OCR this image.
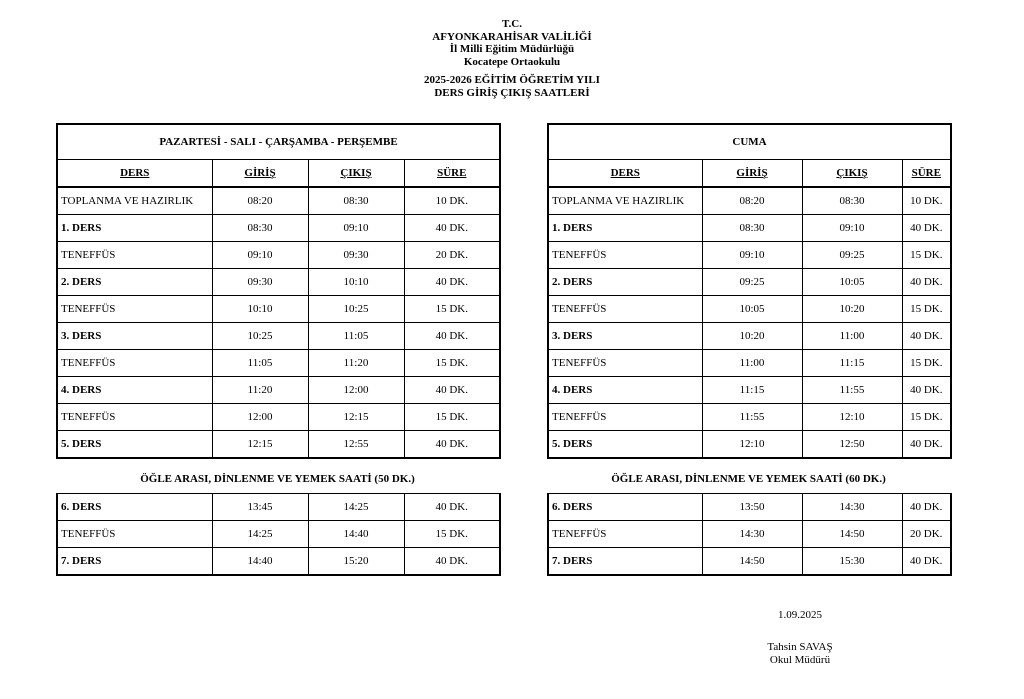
T.C.
AFYONKARAHİSAR VALİLİĞİ
İl Milli Eğitim Müdürlüğü
Kocatepe Ortaokulu
2025-2026 EĞİTİM ÖĞRETİM YILI
DERS GİRİŞ ÇIKIŞ SAATLERİ
PAZARTESİ - SALI - ÇARŞAMBA - PERŞEMBE			
DERS	GİRİŞ	ÇIKIŞ	SÜRE
TOPLANMA VE HAZIRLIK	08:20	08:30	10 DK.
1. DERS	08:30	09:10	40 DK.
TENEFFÜS	09:10	09:30	20 DK.
2. DERS	09:30	10:10	40 DK.
TENEFFÜS	10:10	10:25	15 DK.
3. DERS	10:25	11:05	40 DK.
TENEFFÜS	11:05	11:20	15 DK.
4. DERS	11:20	12:00	40 DK.
TENEFFÜS	12:00	12:15	15 DK.
5. DERS	12:15	12:55	40 DK.
ÖĞLE ARASI, DİNLENME VE YEMEK SAATİ (50 DK.)
6. DERS	13:45	14:25	40 DK.
TENEFFÜS	14:25	14:40	15 DK.
7. DERS	14:40	15:20	40 DK.
CUMA			
DERS	GİRİŞ	ÇIKIŞ	SÜRE
TOPLANMA VE HAZIRLIK	08:20	08:30	10 DK.
1. DERS	08:30	09:10	40 DK.
TENEFFÜS	09:10	09:25	15 DK.
2. DERS	09:25	10:05	40 DK.
TENEFFÜS	10:05	10:20	15 DK.
3. DERS	10:20	11:00	40 DK.
TENEFFÜS	11:00	11:15	15 DK.
4. DERS	11:15	11:55	40 DK.
TENEFFÜS	11:55	12:10	15 DK.
5. DERS	12:10	12:50	40 DK.
ÖĞLE ARASI, DİNLENME VE YEMEK SAATİ (60 DK.)
6. DERS	13:50	14:30	40 DK.
TENEFFÜS	14:30	14:50	20 DK.
7. DERS	14:50	15:30	40 DK.
1.09.2025
Tahsin SAVAŞ
Okul Müdürü
